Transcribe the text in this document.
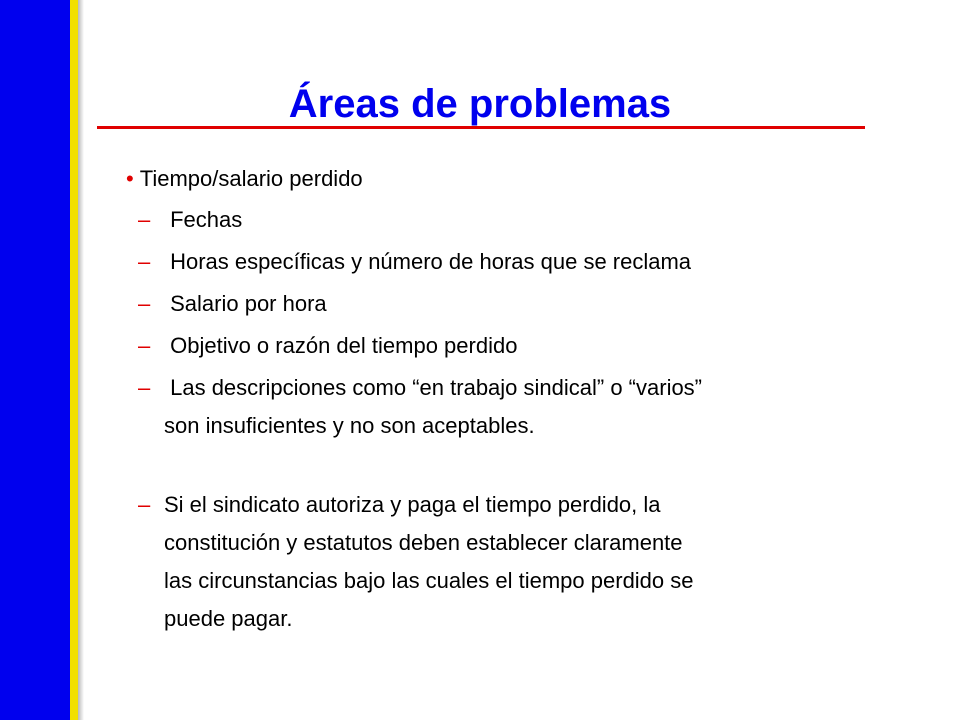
Áreas de problemas
• Tiempo/salario perdido
– Fechas
– Horas específicas y número de horas que se reclama
– Salario por hora
– Objetivo o razón del tiempo perdido
– Las descripciones como “en trabajo sindical” o “varios”
son insuficientes y no son aceptables.
– Si el sindicato autoriza y paga el tiempo perdido, la
constitución y estatutos deben establecer claramente
las circunstancias bajo las cuales el tiempo perdido se
puede pagar.
